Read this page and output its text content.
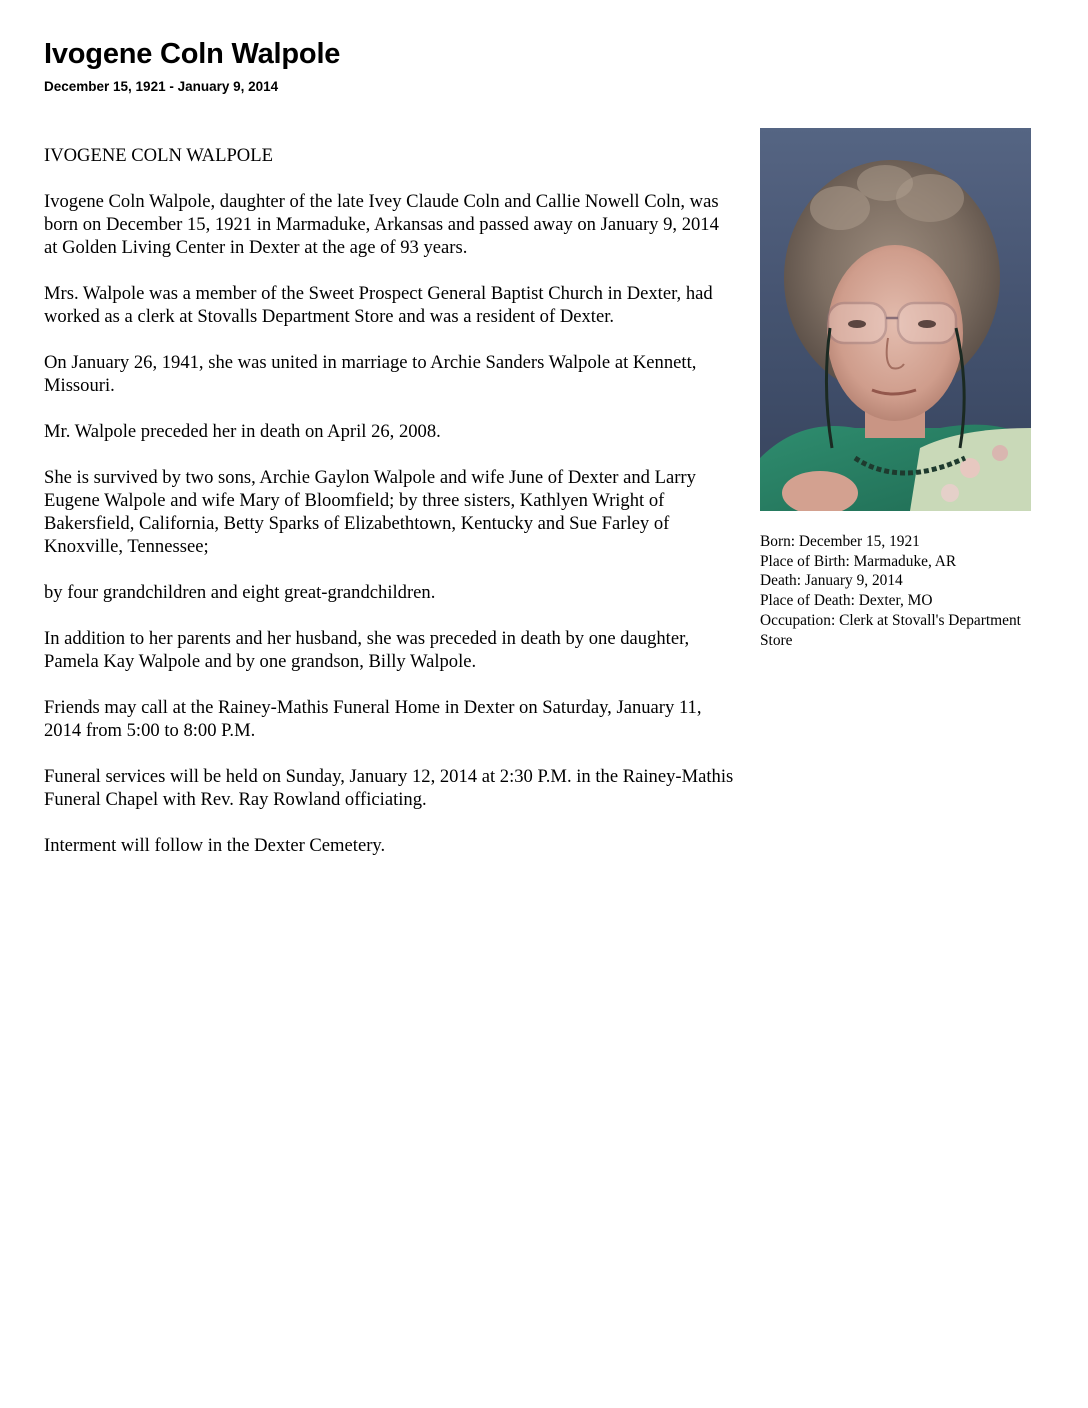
Ivogene Coln Walpole
December 15, 1921 - January 9, 2014

IVOGENE COLN WALPOLE

Ivogene Coln Walpole, daughter of the late Ivey Claude Coln and Callie Nowell Coln, was born on December 15, 1921 in Marmaduke, Arkansas and passed away on January 9, 2014 at Golden Living Center in Dexter at the age of 93 years.

Mrs. Walpole was a member of the Sweet Prospect General Baptist Church in Dexter, had worked as a clerk at Stovalls Department Store and was a resident of Dexter.

On January 26, 1941, she was united in marriage to Archie Sanders Walpole at Kennett, Missouri.

Mr. Walpole preceded her in death on April 26, 2008.

She is survived by two sons, Archie Gaylon Walpole and wife June of Dexter and Larry Eugene Walpole and wife Mary of Bloomfield; by three sisters, Kathlyen Wright of Bakersfield, California, Betty Sparks of Elizabethtown, Kentucky and Sue Farley of Knoxville, Tennessee;

by four grandchildren and eight great-grandchildren.

In addition to her parents and her husband, she was preceded in death by one daughter, Pamela Kay Walpole and by one grandson, Billy Walpole.

Friends may call at the Rainey-Mathis Funeral Home in Dexter on Saturday, January 11, 2014 from 5:00 to 8:00 P.M.

Funeral services will be held on Sunday, January 12, 2014 at 2:30 P.M. in the Rainey-Mathis Funeral Chapel with Rev. Ray Rowland officiating.

Interment will follow in the Dexter Cemetery.

Born: December 15, 1921
Place of Birth: Marmaduke, AR
Death: January 9, 2014
Place of Death: Dexter, MO
Occupation: Clerk at Stovall's Department Store
